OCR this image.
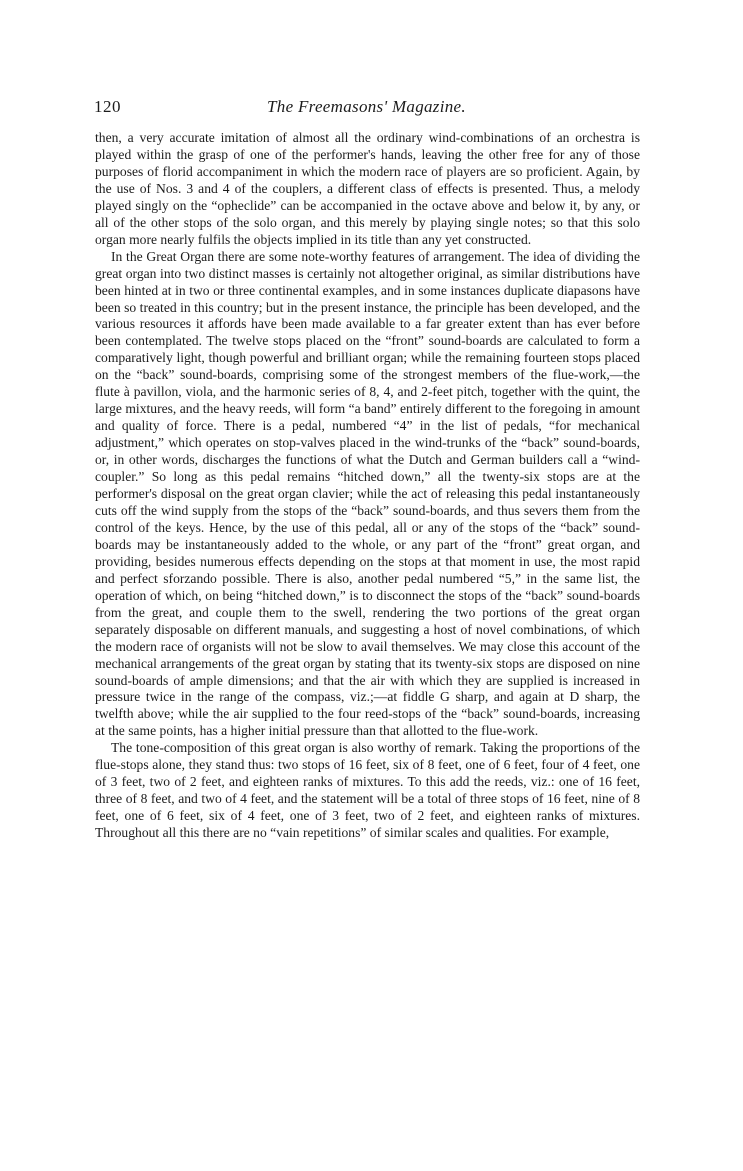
120	The Freemasons' Magazine.

then, a very accurate imitation of almost all the ordinary wind-combinations of an orchestra is played within the grasp of one of the performer's hands, leaving the other free for any of those purposes of florid accompaniment in which the modern race of players are so proficient. Again, by the use of Nos. 3 and 4 of the couplers, a different class of effects is presented. Thus, a melody played singly on the “opheclide” can be accompanied in the octave above and below it, by any, or all of the other stops of the solo organ, and this merely by playing single notes; so that this solo organ more nearly fulfils the objects implied in its title than any yet constructed.

In the Great Organ there are some note-worthy features of arrangement. The idea of dividing the great organ into two distinct masses is certainly not altogether original, as similar distributions have been hinted at in two or three continental examples, and in some instances duplicate diapasons have been so treated in this country; but in the present instance, the principle has been developed, and the various resources it affords have been made available to a far greater extent than has ever before been contemplated. The twelve stops placed on the “front” sound-boards are calculated to form a comparatively light, though powerful and brilliant organ; while the remaining fourteen stops placed on the “back” sound-boards, comprising some of the strongest members of the flue-work,—the flute à pavillon, viola, and the harmonic series of 8, 4, and 2-feet pitch, together with the quint, the large mixtures, and the heavy reeds, will form “a band” entirely different to the foregoing in amount and quality of force. There is a pedal, numbered “4” in the list of pedals, “for mechanical adjustment,” which operates on stop-valves placed in the wind-trunks of the “back” sound-boards, or, in other words, discharges the functions of what the Dutch and German builders call a “wind-coupler.” So long as this pedal remains “hitched down,” all the twenty-six stops are at the performer's disposal on the great organ clavier; while the act of releasing this pedal instantaneously cuts off the wind supply from the stops of the “back” sound-boards, and thus severs them from the control of the keys. Hence, by the use of this pedal, all or any of the stops of the “back” sound-boards may be instantaneously added to the whole, or any part of the “front” great organ, and providing, besides numerous effects depending on the stops at that moment in use, the most rapid and perfect sforzando possible. There is also, another pedal numbered “5,” in the same list, the operation of which, on being “hitched down,” is to disconnect the stops of the “back” sound-boards from the great, and couple them to the swell, rendering the two portions of the great organ separately disposable on different manuals, and suggesting a host of novel combinations, of which the modern race of organists will not be slow to avail themselves. We may close this account of the mechanical arrangements of the great organ by stating that its twenty-six stops are disposed on nine sound-boards of ample dimensions; and that the air with which they are supplied is increased in pressure twice in the range of the compass, viz.;—at fiddle G sharp, and again at D sharp, the twelfth above; while the air supplied to the four reed-stops of the “back” sound-boards, increasing at the same points, has a higher initial pressure than that allotted to the flue-work.

The tone-composition of this great organ is also worthy of remark. Taking the proportions of the flue-stops alone, they stand thus: two stops of 16 feet, six of 8 feet, one of 6 feet, four of 4 feet, one of 3 feet, two of 2 feet, and eighteen ranks of mixtures. To this add the reeds, viz.: one of 16 feet, three of 8 feet, and two of 4 feet, and the statement will be a total of three stops of 16 feet, nine of 8 feet, one of 6 feet, six of 4 feet, one of 3 feet, two of 2 feet, and eighteen ranks of mixtures. Throughout all this there are no “vain repetitions” of similar scales and qualities. For example,
